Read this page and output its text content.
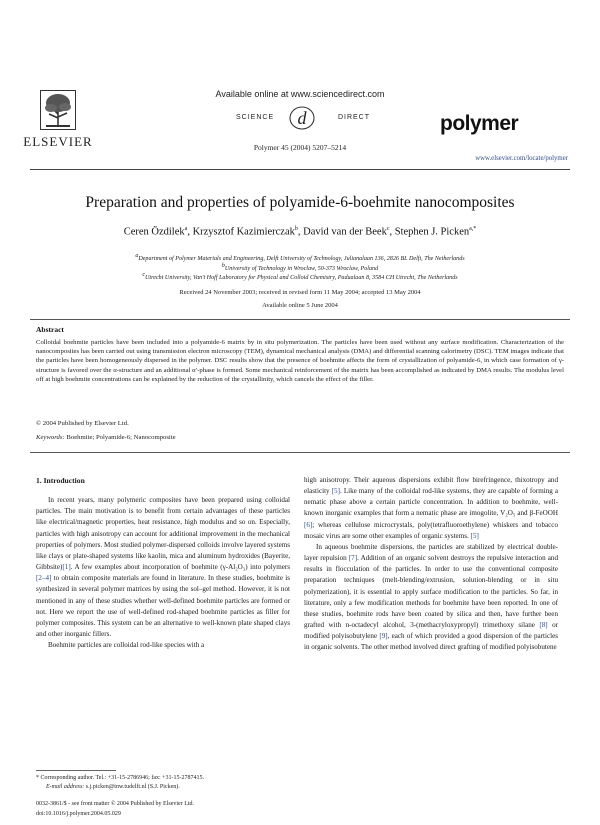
ELSEVIER
Available online at www.sciencedirect.com
SCIENCE d	DIRECT
Polymer 45 (2004) 5207–5214
polymer
www.elsevier.com/locate/polymer
Preparation and properties of polyamide-6-boehmite nanocomposites
Ceren Özdilek$^a$, Krzysztof Kazimierczak$^b$, David van der Beek$^c$, Stephen J. Picken$^{a,*}$
$^a$Department of Polymer Materials and Engineering, Delft University of Technology, Julianalaan 136, 2826 BL Delft, The Netherlands
$^b$University of Technology in Wroclaw, 50-373 Wroclaw, Poland
$^c$Utrecht University, Van't Hoff Laboratory for Physical and Colloid Chemistry, Padualaan 8, 3584 CH Utrecht, The Netherlands
Received 24 November 2003; received in revised form 11 May 2004; accepted 13 May 2004
Available online 5 June 2004
Abstract
Colloidal boehmite particles have been included into a polyamide-6 matrix by in situ polymerization. The particles have been used without any surface modification. Characterization of the nanocomposites has been carried out using transmission electron microscopy (TEM), dynamical mechanical analysis (DMA) and differential scanning calorimetry (DSC). TEM images indicate that the particles have been homogeneously dispersed in the polymer. DSC results show that the presence of boehmite affects the form of crystallization of polyamide-6, in which case formation of γ-structure is favored over the α-structure and an additional α′-phase is formed. Some mechanical reinforcement of the matrix has been accomplished as indicated by DMA results. The modulus level off at high boehmite concentrations can be explained by the reduction of the crystallinity, which cancels the effect of the filler.
© 2004 Published by Elsevier Ltd.
Keywords: Boehmite; Polyamide-6; Nanocomposite
1. Introduction
In recent years, many polymeric composites have been prepared using colloidal particles. The main motivation is to benefit from certain advantages of these particles like electrical/magnetic properties, heat resistance, high modulus and so on. Especially, particles with high anisotropy can account for additional improvement in the mechanical properties of polymers. Most studied polymer-dispersed colloids involve layered systems like clays or plate-shaped systems like kaolin, mica and aluminum hydroxides (Bayerite, Gibbsite)[1]. A few examples about incorporation of boehmite (γ-Al₂O₃) into polymers [2–4] to obtain composite materials are found in literature. In these studies, boehmite is synthesized in several polymer matrices by using the sol–gel method. However, it is not mentioned in any of these studies whether well-defined boehmite particles are formed or not. Here we report the use of well-defined rod-shaped boehmite particles as filler for polymer composites. This system can be an alternative to well-known plate shaped clays and other inorganic fillers.
Boehmite particles are colloidal rod-like species with a
high anisotropy. Their aqueous dispersions exhibit flow birefringence, thixotropy and elasticity [5]. Like many of the colloidal rod-like systems, they are capable of forming a nematic phase above a certain particle concentration. In addition to boehmite, well-known inorganic examples that form a nematic phase are imogolite, V₂O₅ and β-FeOOH [6]; whereas cellulose microcrystals, poly(tetrafluoroethylene) whiskers and tobacco mosaic virus are some other examples of organic systems. [5]
In aqueous boehmite dispersions, the particles are stabilized by electrical double-layer repulsion [7]. Addition of an organic solvent destroys the repulsive interaction and results in flocculation of the particles. In order to use the conventional composite preparation techniques (melt-blending/extrusion, solution-blending or in situ polymerization), it is essential to apply surface modification to the particles. So far, in literature, only a few modification methods for boehmite have been reported. In one of these studies, boehmite rods have been coated by silica and then, have further been grafted with n-octadecyl alcohol, 3-(methacryloxypropyl) trimethoxy silane [8] or modified polyisobutylene [9], each of which provided a good dispersion of the particles in organic solvents. The other method involved direct grafting of modified polyisobutene
* Corresponding author. Tel.: +31-15-2786946; fax: +31-15-2787415.
E-mail address: s.j.picken@tnw.tudelft.nl (S.J. Picken).
0032-3861/$ - see front matter © 2004 Published by Elsevier Ltd.
doi:10.1016/j.polymer.2004.05.029
